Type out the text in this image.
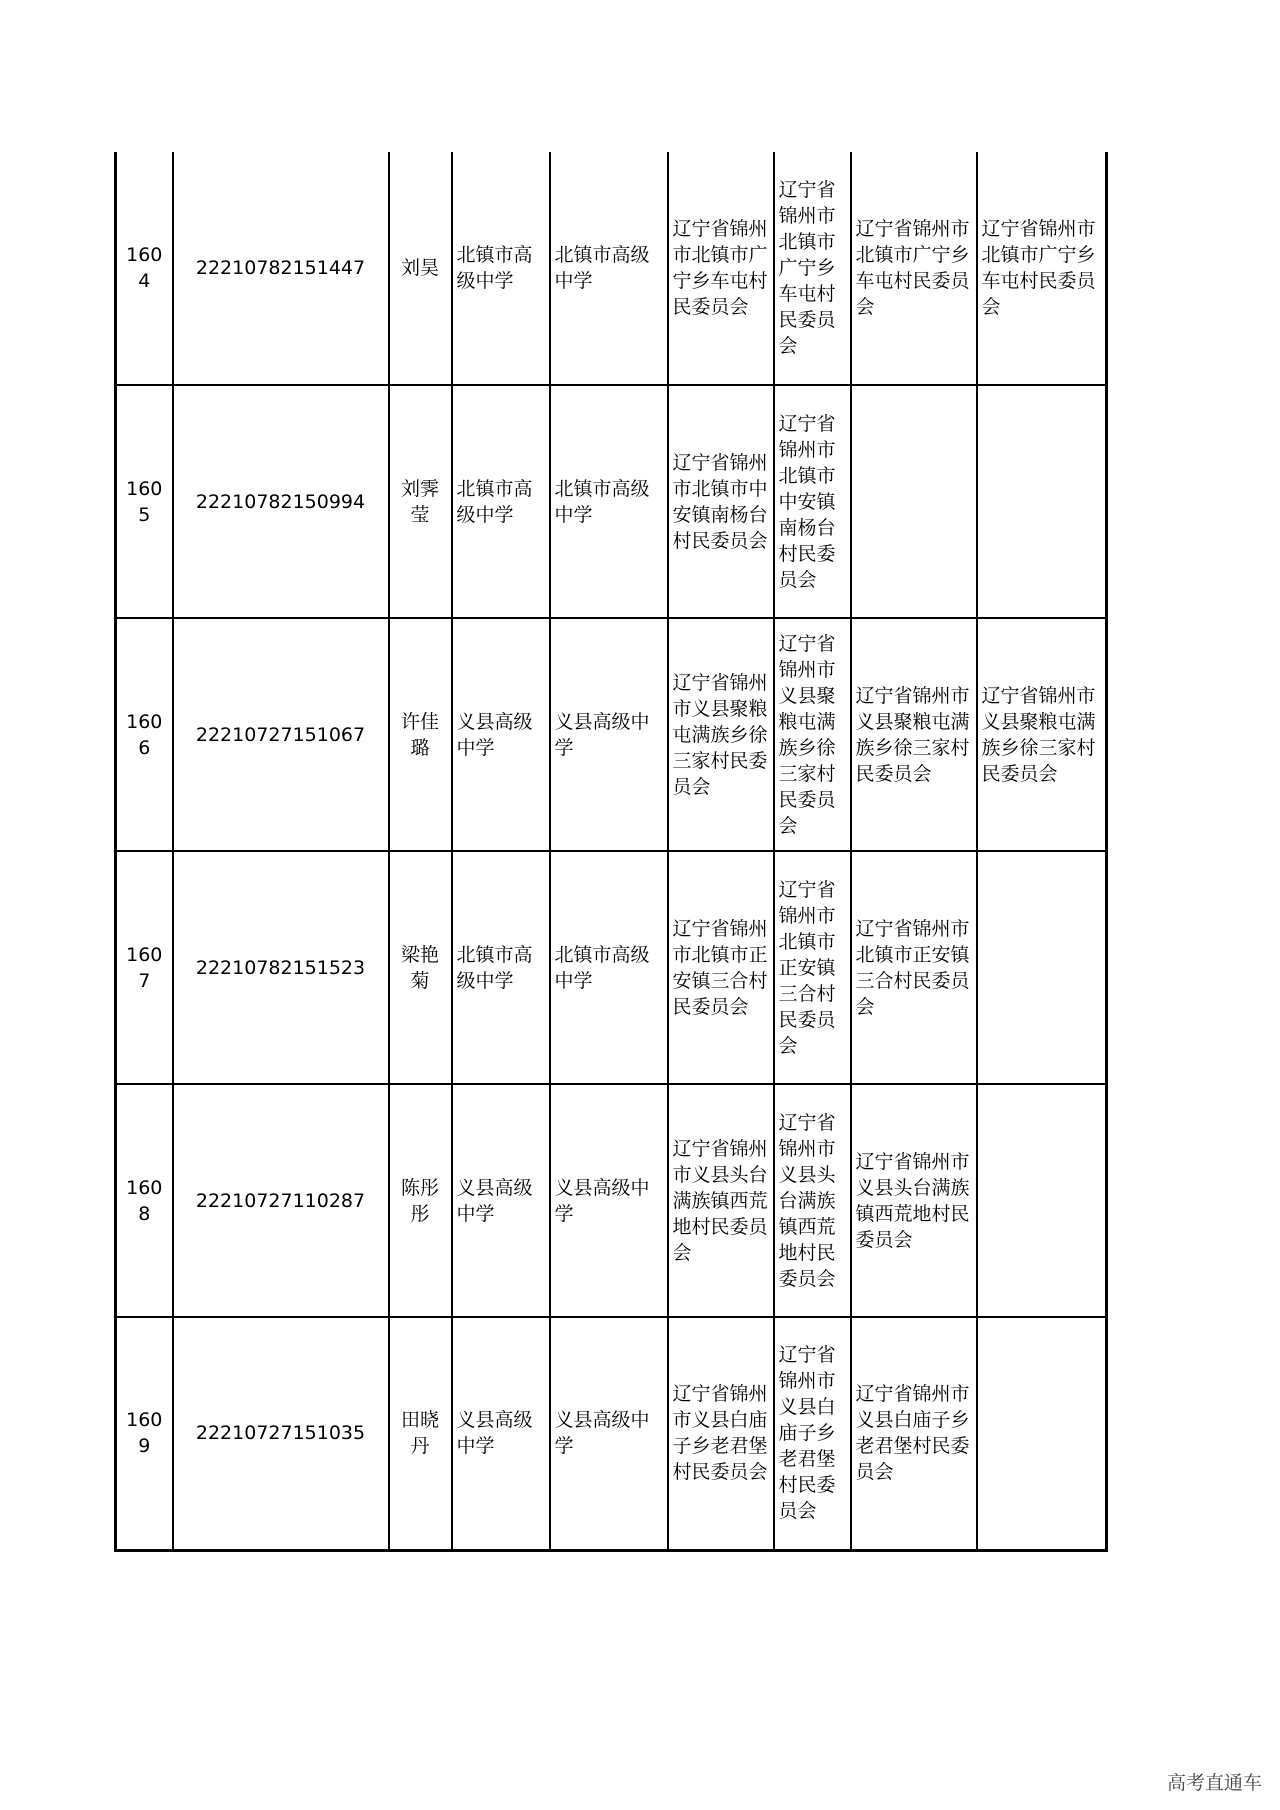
1604	22210782151447	刘昊	北镇市高级中学	北镇市高级中学	辽宁省锦州市北镇市广宁乡车屯村民委员会	辽宁省锦州市北镇市广宁乡车屯村民委员会	辽宁省锦州市北镇市广宁乡车屯村民委员会	辽宁省锦州市北镇市广宁乡车屯村民委员会
1605	22210782150994	刘霁莹	北镇市高级中学	北镇市高级中学	辽宁省锦州市北镇市中安镇南杨台村民委员会	辽宁省锦州市北镇市中安镇南杨台村民委员会		
1606	22210727151067	许佳璐	义县高级中学	义县高级中学	辽宁省锦州市义县聚粮屯满族乡徐三家村民委员会	辽宁省锦州市义县聚粮屯满族乡徐三家村民委员会	辽宁省锦州市义县聚粮屯满族乡徐三家村民委员会	辽宁省锦州市义县聚粮屯满族乡徐三家村民委员会
1607	22210782151523	梁艳菊	北镇市高级中学	北镇市高级中学	辽宁省锦州市北镇市正安镇三合村民委员会	辽宁省锦州市北镇市正安镇三合村民委员会	辽宁省锦州市北镇市正安镇三合村民委员会	
1608	22210727110287	陈彤彤	义县高级中学	义县高级中学	辽宁省锦州市义县头台满族镇西荒地村民委员会	辽宁省锦州市义县头台满族镇西荒地村民委员会	辽宁省锦州市义县头台满族镇西荒地村民委员会	
1609	22210727151035	田晓丹	义县高级中学	义县高级中学	辽宁省锦州市义县白庙子乡老君堡村民委员会	辽宁省锦州市义县白庙子乡老君堡村民委员会	辽宁省锦州市义县白庙子乡老君堡村民委员会	
高考直通车
